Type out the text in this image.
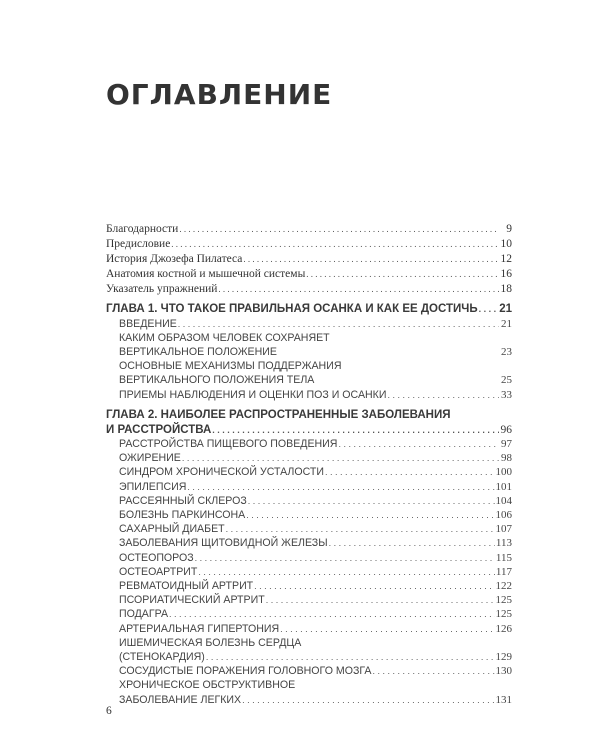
ОГЛАВЛЕНИЕ
Благодарности . . .	9
Предисловие . . .	10
История Джозефа Пилатеса . . .	12
Анатомия костной и мышечной системы . . .	16
Указатель упражнений . . .	18
ГЛАВА 1. ЧТО ТАКОЕ ПРАВИЛЬНАЯ ОСАНКА И КАК ЕЕ ДОСТИЧЬ . . . 21
ВВЕДЕНИЕ . . .	21
КАКИМ ОБРАЗОМ ЧЕЛОВЕК СОХРАНЯЕТ
ВЕРТИКАЛЬНОЕ ПОЛОЖЕНИЕ	23
ОСНОВНЫЕ МЕХАНИЗМЫ ПОДДЕРЖАНИЯ
ВЕРТИКАЛЬНОГО ПОЛОЖЕНИЯ ТЕЛА	25
ПРИЕМЫ НАБЛЮДЕНИЯ И ОЦЕНКИ ПОЗ И ОСАНКИ . . .	33
ГЛАВА 2. НАИБОЛЕЕ РАСПРОСТРАНЕННЫЕ ЗАБОЛЕВАНИЯ
И РАССТРОЙСТВА . . .	96
РАССТРОЙСТВА ПИЩЕВОГО ПОВЕДЕНИЯ . . .	97
ОЖИРЕНИЕ . . .	98
СИНДРОМ ХРОНИЧЕСКОЙ УСТАЛОСТИ . . .	100
ЭПИЛЕПСИЯ . . .	101
РАССЕЯННЫЙ СКЛЕРОЗ . . .	104
БОЛЕЗНЬ ПАРКИНСОНА . . .	106
САХАРНЫЙ ДИАБЕТ . . .	107
ЗАБОЛЕВАНИЯ ЩИТОВИДНОЙ ЖЕЛЕЗЫ . . .	113
ОСТЕОПОРОЗ . . .	115
ОСТЕОАРТРИТ . . .	117
РЕВМАТОИДНЫЙ АРТРИТ . . .	122
ПСОРИАТИЧЕСКИЙ АРТРИТ . . .	125
ПОДАГРА . . .	125
АРТЕРИАЛЬНАЯ ГИПЕРТОНИЯ . . .	126
ИШЕМИЧЕСКАЯ БОЛЕЗНЬ СЕРДЦА
(СТЕНОКАРДИЯ) . . .	129
СОСУДИСТЫЕ ПОРАЖЕНИЯ ГОЛОВНОГО МОЗГА . . .	130
ХРОНИЧЕСКОЕ ОБСТРУКТИВНОЕ
ЗАБОЛЕВАНИЕ ЛЕГКИХ . . .	131
6
